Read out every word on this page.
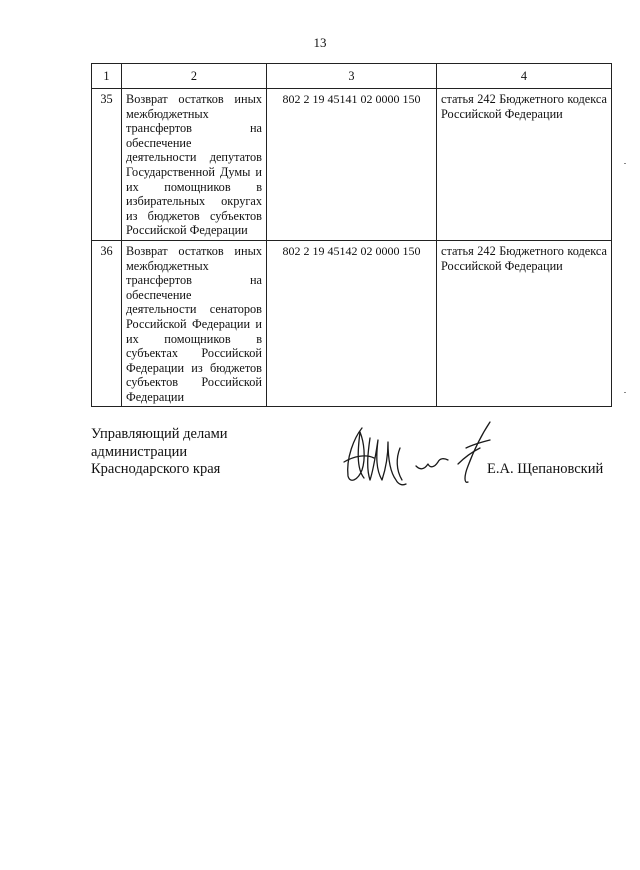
13
1	2	3	4
35	Возврат остатков иных межбюджетных трансфертов на обеспечение деятельности депутатов Государственной Думы и их помощников в избирательных округах из бюджетов субъектов Российской Федерации	802 2 19 45141 02 0000 150	статья 242 Бюджетного кодекса Российской Федерации
36	Возврат остатков иных межбюджетных трансфертов на обеспечение деятельности сенаторов Российской Федерации и их помощников в субъектах Российской Федерации из бюджетов субъектов Российской Федерации	802 2 19 45142 02 0000 150	статья 242 Бюджетного кодекса Российской Федерации
Управляющий делами
администрации
Краснодарского края	Е.А. Щепановский
